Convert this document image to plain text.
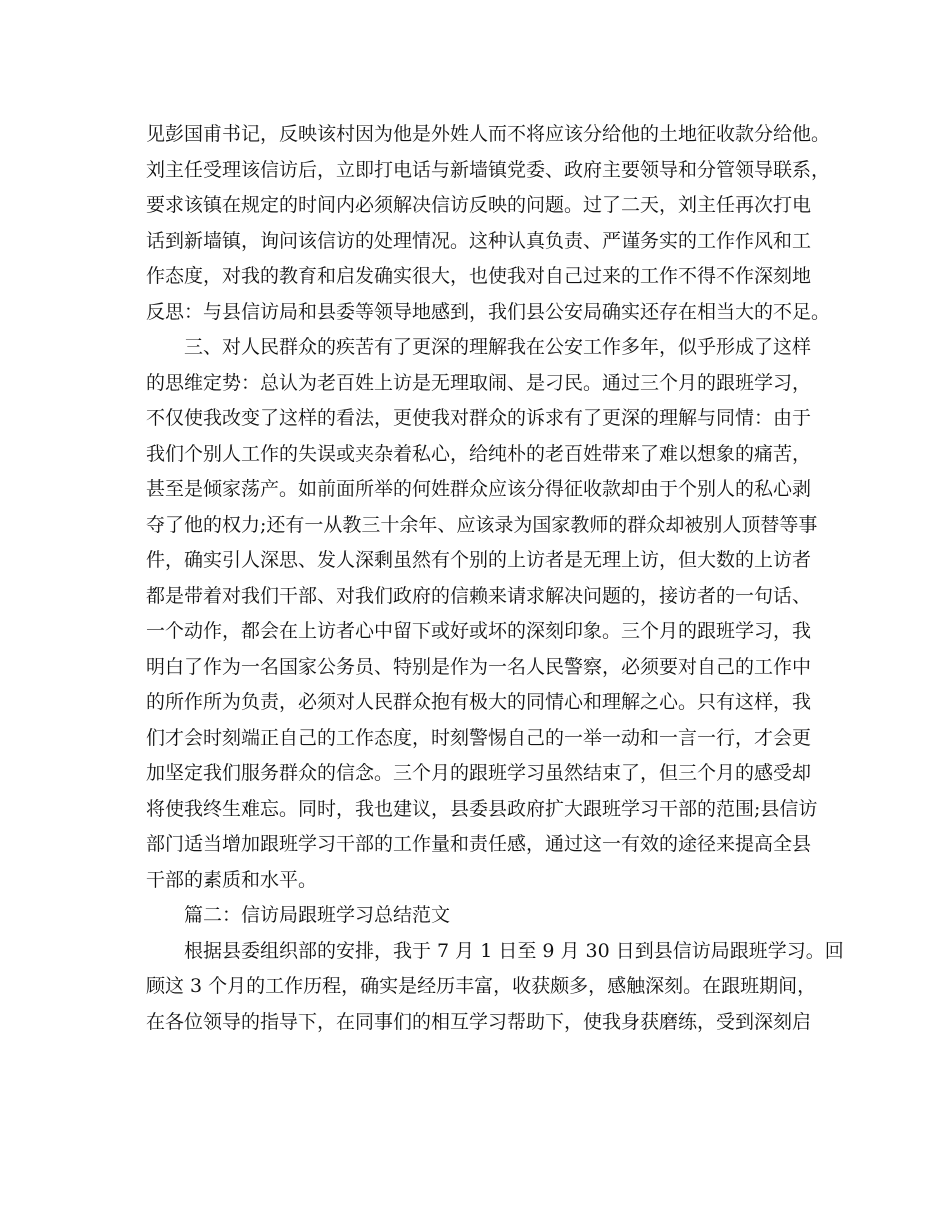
见彭国甫书记，反映该村因为他是外姓人而不将应该分给他的土地征收款分给他。

刘主任受理该信访后，立即打电话与新墙镇党委、政府主要领导和分管领导联系，

要求该镇在规定的时间内必须解决信访反映的问题。过了二天，刘主任再次打电

话到新墙镇，询问该信访的处理情况。这种认真负责、严谨务实的工作作风和工

作态度，对我的教育和启发确实很大，也使我对自己过来的工作不得不作深刻地

反思：与县信访局和县委等领导地感到，我们县公安局确实还存在相当大的不足。

三、对人民群众的疾苦有了更深的理解我在公安工作多年，似乎形成了这样

的思维定势：总认为老百姓上访是无理取闹、是刁民。通过三个月的跟班学习，

不仅使我改变了这样的看法，更使我对群众的诉求有了更深的理解与同情：由于

我们个别人工作的失误或夹杂着私心，给纯朴的老百姓带来了难以想象的痛苦，

甚至是倾家荡产。如前面所举的何姓群众应该分得征收款却由于个别人的私心剥

夺了他的权力;还有一从教三十余年、应该录为国家教师的群众却被别人顶替等事

件，确实引人深思、发人深剩虽然有个别的上访者是无理上访，但大数的上访者

都是带着对我们干部、对我们政府的信赖来请求解决问题的，接访者的一句话、

一个动作，都会在上访者心中留下或好或坏的深刻印象。三个月的跟班学习，我

明白了作为一名国家公务员、特别是作为一名人民警察，必须要对自己的工作中

的所作所为负责，必须对人民群众抱有极大的同情心和理解之心。只有这样，我

们才会时刻端正自己的工作态度，时刻警惕自己的一举一动和一言一行，才会更

加坚定我们服务群众的信念。三个月的跟班学习虽然结束了，但三个月的感受却

将使我终生难忘。同时，我也建议，县委县政府扩大跟班学习干部的范围;县信访

部门适当增加跟班学习干部的工作量和责任感，通过这一有效的途径来提高全县

干部的素质和水平。

篇二：信访局跟班学习总结范文

根据县委组织部的安排，我于 7 月 1 日至 9 月 30 日到县信访局跟班学习。回

顾这 3 个月的工作历程，确实是经历丰富，收获颇多，感触深刻。在跟班期间，

在各位领导的指导下，在同事们的相互学习帮助下，使我身获磨练，受到深刻启
